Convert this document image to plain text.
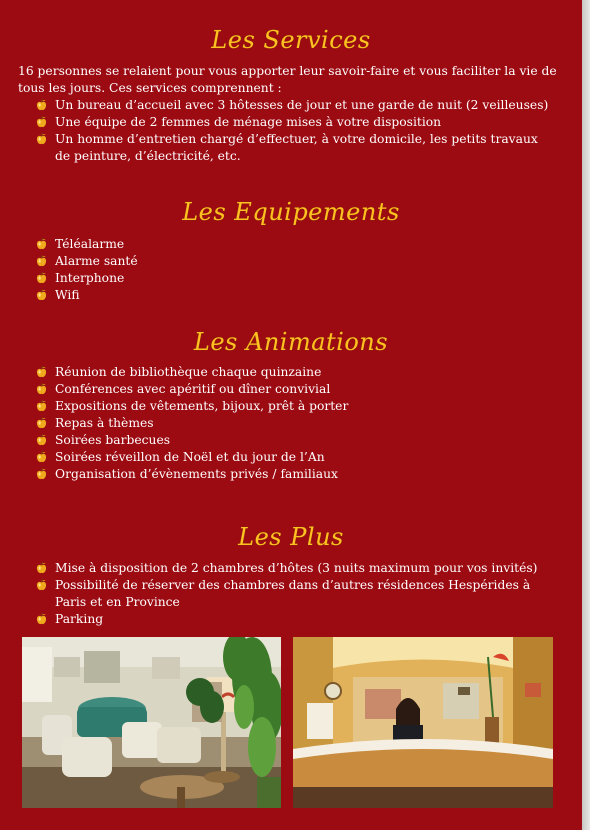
Les Services

16 personnes se relaient pour vous apporter leur savoir-faire et vous faciliter la vie de tous les jours. Ces services comprennent :

Un bureau d’accueil avec 3 hôtesses de jour et une garde de nuit (2 veilleuses)
Une équipe de 2 femmes de ménage mises à votre disposition
Un homme d’entretien chargé d’effectuer, à votre domicile, les petits travaux de peinture, d’électricité, etc.
Les Equipements
Téléalarme
Alarme santé
Interphone
Wifi
Les Animations
Réunion de bibliothèque chaque quinzaine
Conférences avec apéritif ou dîner convivial
Expositions de vêtements, bijoux, prêt à porter
Repas à thèmes
Soirées barbecues
Soirées réveillon de Noël et du jour de l’An
Organisation d’évènements privés / familiaux
Les Plus
Mise à disposition de 2 chambres d’hôtes (3 nuits maximum pour vos invités)
Possibilité de réserver des chambres dans d’autres résidences Hespérides à Paris et en Province
Parking
